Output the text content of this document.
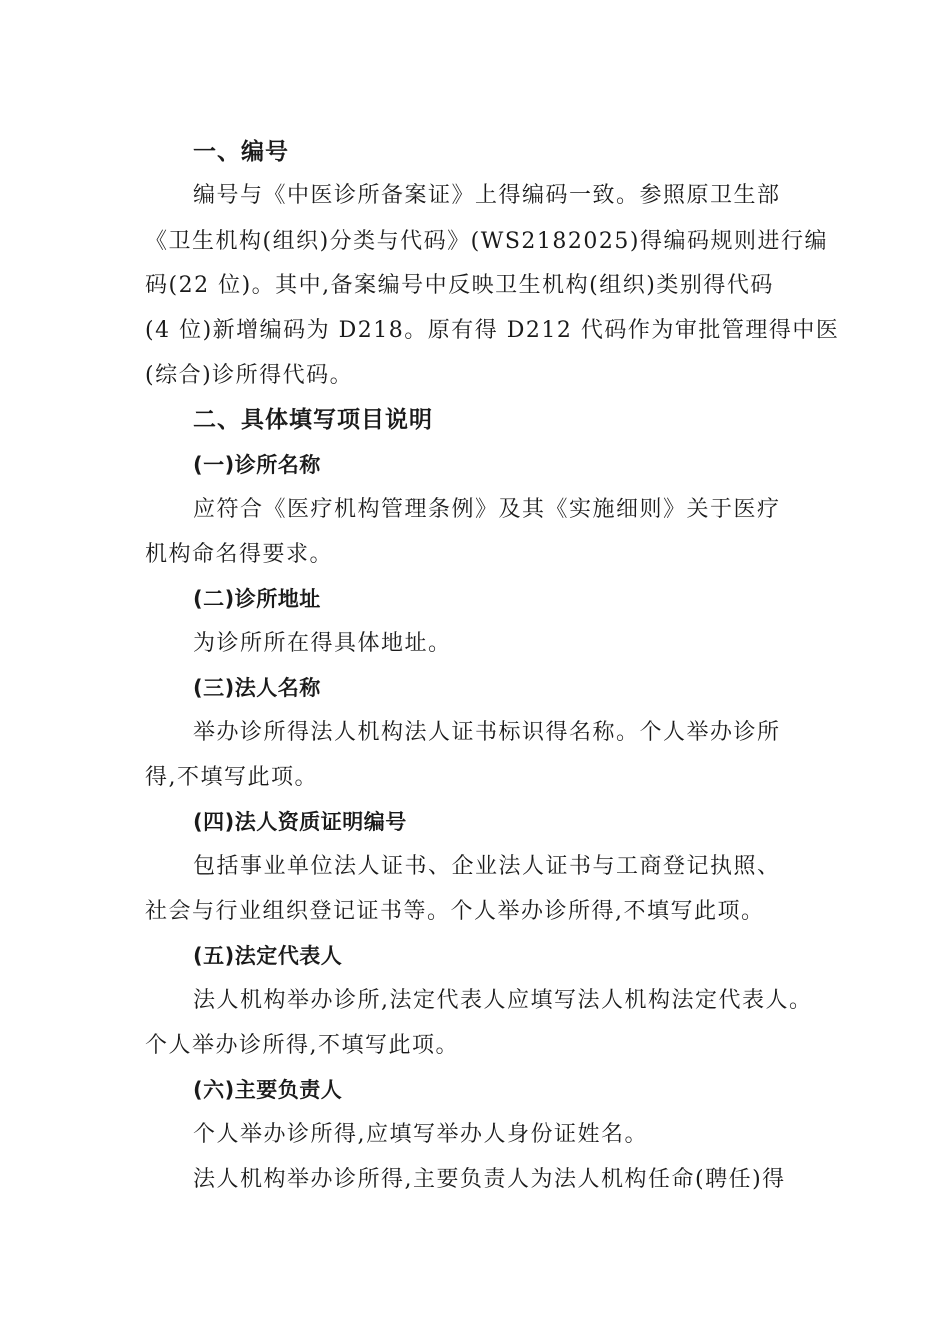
一、编号

编号与《中医诊所备案证》上得编码一致。参照原卫生部

《卫生机构(组织)分类与代码》(WS2182025)得编码规则进行编

码(22 位)。其中,备案编号中反映卫生机构(组织)类别得代码

(4 位)新增编码为 D218。原有得 D212 代码作为审批管理得中医

(综合)诊所得代码。

二、具体填写项目说明
(一)诊所名称

应符合《医疗机构管理条例》及其《实施细则》关于医疗

机构命名得要求。

(二)诊所地址

为诊所所在得具体地址。

(三)法人名称

举办诊所得法人机构法人证书标识得名称。个人举办诊所

得,不填写此项。

(四)法人资质证明编号

包括事业单位法人证书、企业法人证书与工商登记执照、

社会与行业组织登记证书等。个人举办诊所得,不填写此项。

(五)法定代表人

法人机构举办诊所,法定代表人应填写法人机构法定代表人。

个人举办诊所得,不填写此项。

(六)主要负责人

个人举办诊所得,应填写举办人身份证姓名。

法人机构举办诊所得,主要负责人为法人机构任命(聘任)得
